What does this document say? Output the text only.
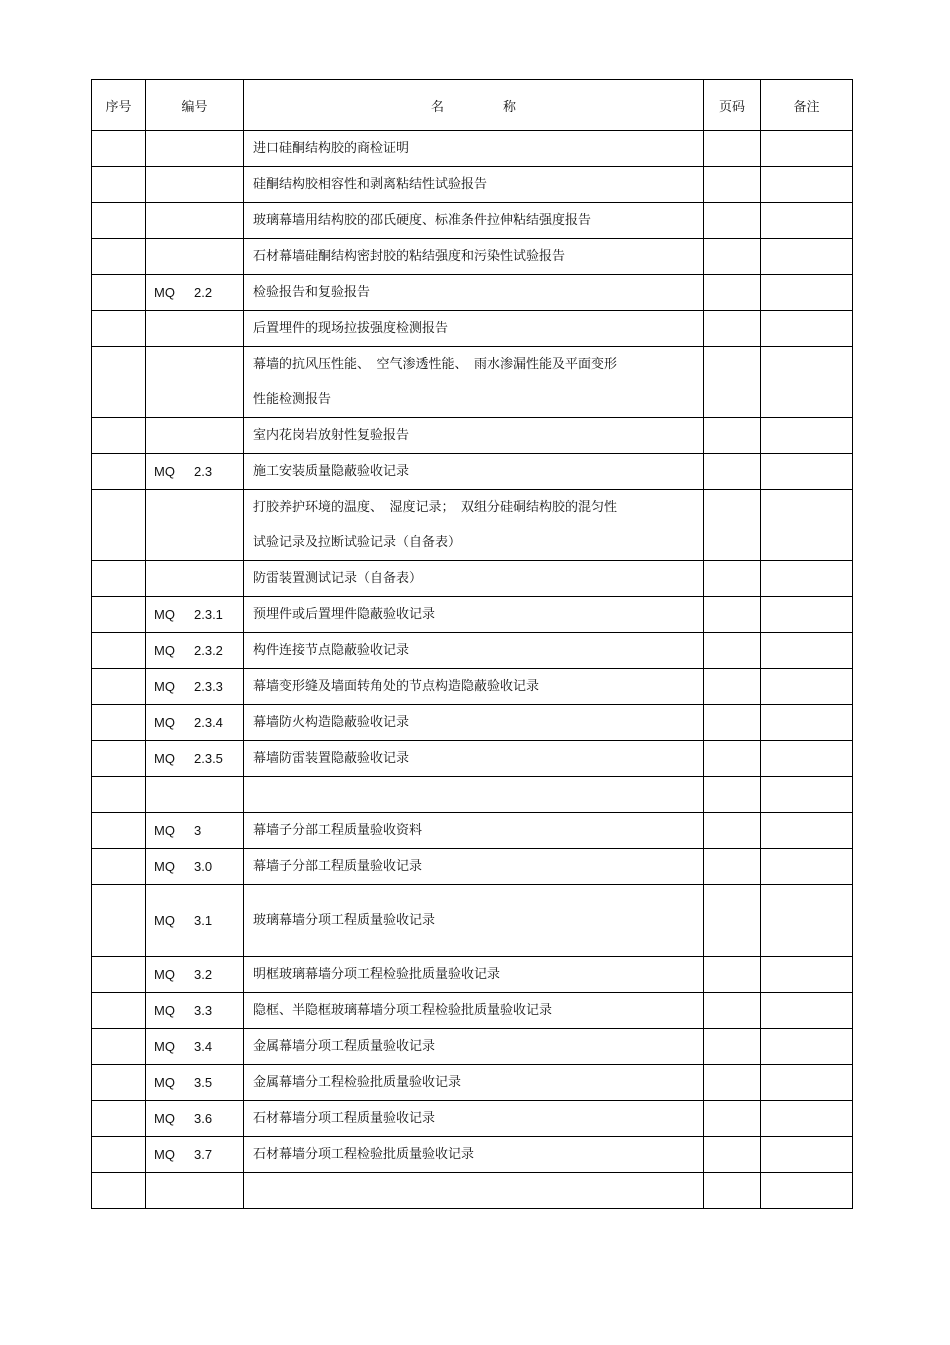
序号	编号	名 称	页码	备注

		进口硅酮结构胶的商检证明		

		硅酮结构胶相容性和剥离粘结性试验报告		

		玻璃幕墙用结构胶的邵氏硬度、标准条件拉伸粘结强度报告		

		石材幕墙硅酮结构密封胶的粘结强度和污染性试验报告		

	MQ 2.2	检验报告和复验报告		

		后置埋件的现场拉拔强度检测报告		

		幕墙的抗风压性能、　空气渗透性能、　雨水渗漏性能及平面变形
性能检测报告		

		室内花岗岩放射性复验报告		

	MQ 2.3	施工安装质量隐蔽验收记录		

		打胶养护环境的温度、　湿度记录；　双组分硅硐结构胶的混匀性
试验记录及拉断试验记录（自备表）		

		防雷装置测试记录（自备表）		

	MQ 2.3.1	预埋件或后置埋件隐蔽验收记录		

	MQ 2.3.2	构件连接节点隐蔽验收记录		

	MQ 2.3.3	幕墙变形缝及墙面转角处的节点构造隐蔽验收记录		

	MQ 2.3.4	幕墙防火构造隐蔽验收记录		

	MQ 2.3.5	幕墙防雷装置隐蔽验收记录		

	MQ 3	幕墙子分部工程质量验收资料		

	MQ 3.0	幕墙子分部工程质量验收记录		

	MQ 3.1	玻璃幕墙分项工程质量验收记录		

	MQ 3.2	明框玻璃幕墙分项工程检验批质量验收记录		

	MQ 3.3	隐框、半隐框玻璃幕墙分项工程检验批质量验收记录		

	MQ 3.4	金属幕墙分项工程质量验收记录		

	MQ 3.5	金属幕墙分工程检验批质量验收记录		

	MQ 3.6	石材幕墙分项工程质量验收记录		

	MQ 3.7	石材幕墙分项工程检验批质量验收记录		
